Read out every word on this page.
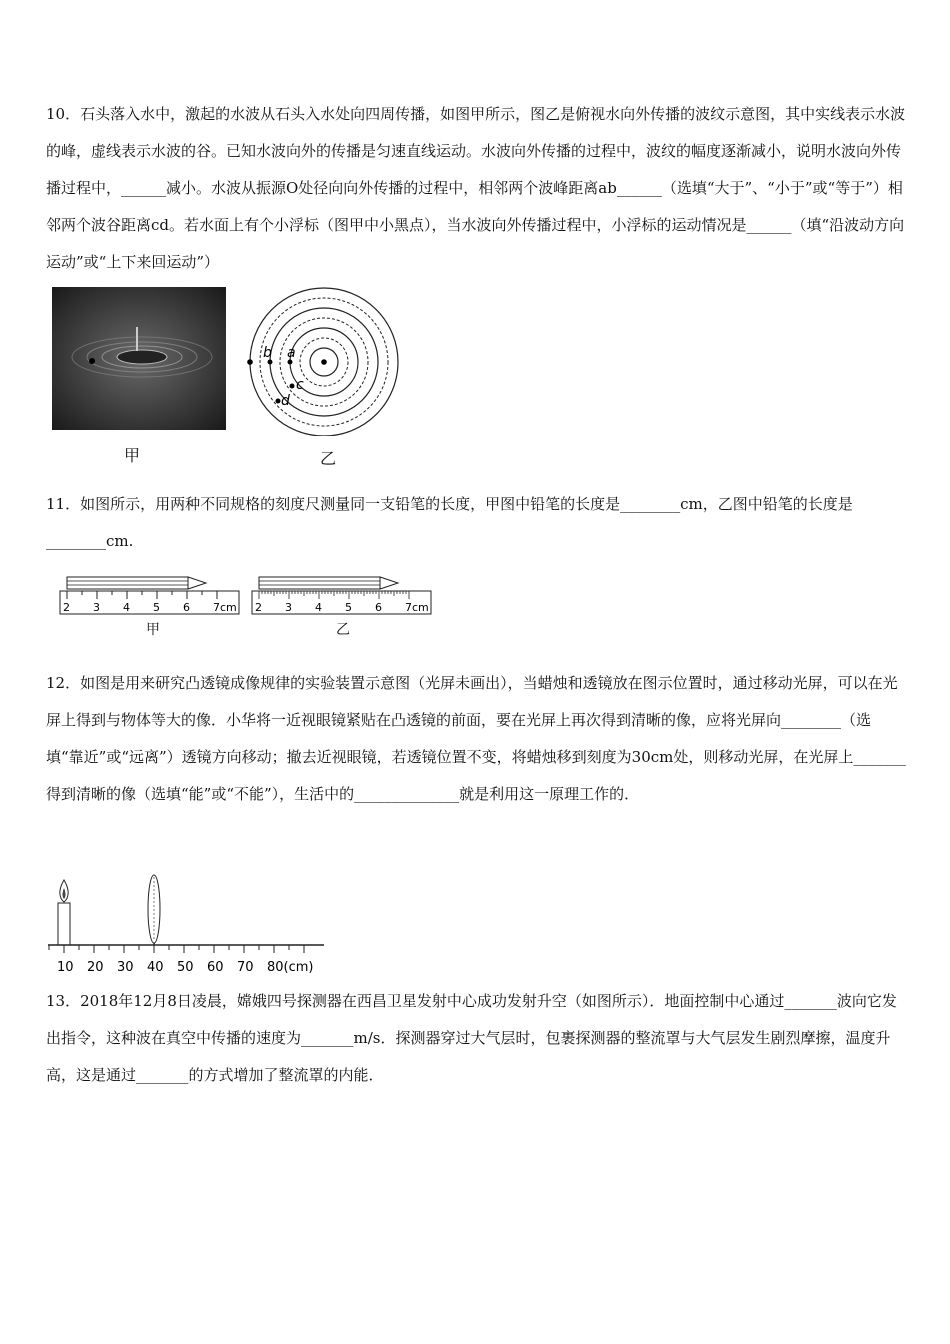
10．石头落入水中，激起的水波从石头入水处向四周传播，如图甲所示，图乙是俯视水向外传播的波纹示意图，其中实线表示水波的峰，虚线表示水波的谷。已知水波向外的传播是匀速直线运动。水波向外传播的过程中，波纹的幅度逐渐减小，说明水波向外传播过程中，______减小。水波从振源O处径向向外传播的过程中，相邻两个波峰距离ab______（选填“大于”、“小于”或“等于”）相邻两个波谷距离cd。若水面上有个小浮标（图甲中小黑点），当水波向外传播过程中，小浮标的运动情况是______（填“沿波动方向运动”或“上下来回运动”）

甲
b a
c
d
乙

11．如图所示，用两种不同规格的刻度尺测量同一支铅笔的长度，甲图中铅笔的长度是________cm，乙图中铅笔的长度是________cm.

2 3 4 5 6 7cm
甲
2 3 4 5 6 7cm
乙

12．如图是用来研究凸透镜成像规律的实验装置示意图（光屏未画出），当蜡烛和透镜放在图示位置时，通过移动光屏，可以在光屏上得到与物体等大的像．小华将一近视眼镜紧贴在凸透镜的前面，要在光屏上再次得到清晰的像，应将光屏向________（选填“靠近”或“远离”）透镜方向移动；撤去近视眼镜，若透镜位置不变，将蜡烛移到刻度为30cm处，则移动光屏，在光屏上_______得到清晰的像（选填“能”或“不能”），生活中的______________就是利用这一原理工作的．

10 20 30 40 50 60 70 80(cm)

13．2018年12月8日凌晨，嫦娥四号探测器在西昌卫星发射中心成功发射升空（如图所示）．地面控制中心通过_______波向它发出指令，这种波在真空中传播的速度为_______m/s．探测器穿过大气层时，包裹探测器的整流罩与大气层发生剧烈摩擦，温度升高，这是通过_______的方式增加了整流罩的内能．
